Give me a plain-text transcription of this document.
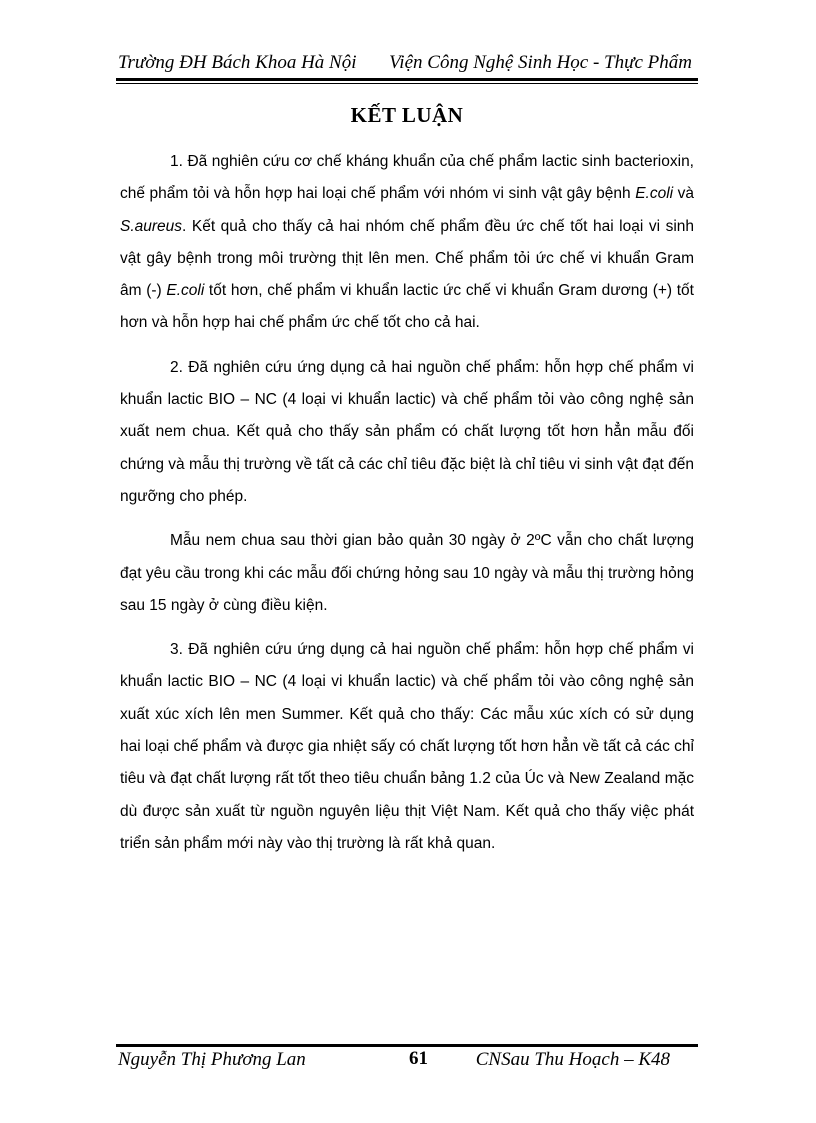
Trường ĐH Bách Khoa Hà Nội Viện Công Nghệ Sinh Học - Thực Phẩm
KẾT LUẬN

1. Đã nghiên cứu cơ chế kháng khuẩn của chế phẩm lactic sinh bacterioxin, chế phẩm tỏi và hỗn hợp hai loại chế phẩm với nhóm vi sinh vật gây bệnh E.coli và S.aureus. Kết quả cho thấy cả hai nhóm chế phẩm đều ức chế tốt hai loại vi sinh vật gây bệnh trong môi trường thịt lên men. Chế phẩm tỏi ức chế vi khuẩn Gram âm (-) E.coli tốt hơn, chế phẩm vi khuẩn lactic ức chế vi khuẩn Gram dương (+) tốt hơn và hỗn hợp hai chế phẩm ức chế tốt cho cả hai.

2. Đã nghiên cứu ứng dụng cả hai nguồn chế phẩm: hỗn hợp chế phẩm vi khuẩn lactic BIO – NC (4 loại vi khuẩn lactic) và chế phẩm tỏi vào công nghệ sản xuất nem chua. Kết quả cho thấy sản phẩm có chất lượng tốt hơn hẳn mẫu đối chứng và mẫu thị trường về tất cả các chỉ tiêu đặc biệt là chỉ tiêu vi sinh vật đạt đến ngưỡng cho phép.

Mẫu nem chua sau thời gian bảo quản 30 ngày ở 2ºC vẫn cho chất lượng đạt yêu cầu trong khi các mẫu đối chứng hỏng sau 10 ngày và mẫu thị trường hỏng sau 15 ngày ở cùng điều kiện.

3. Đã nghiên cứu ứng dụng cả hai nguồn chế phẩm: hỗn hợp chế phẩm vi khuẩn lactic BIO – NC (4 loại vi khuẩn lactic) và chế phẩm tỏi vào công nghệ sản xuất xúc xích lên men Summer. Kết quả cho thấy: Các mẫu xúc xích có sử dụng hai loại chế phẩm và được gia nhiệt sấy có chất lượng tốt hơn hẳn về tất cả các chỉ tiêu và đạt chất lượng rất tốt theo tiêu chuẩn bảng 1.2 của Úc và New Zealand mặc dù được sản xuất từ nguồn nguyên liệu thịt Việt Nam. Kết quả cho thấy việc phát triển sản phẩm mới này vào thị trường là rất khả quan.

Nguyễn Thị Phương Lan	61	CNSau Thu Hoạch – K48
